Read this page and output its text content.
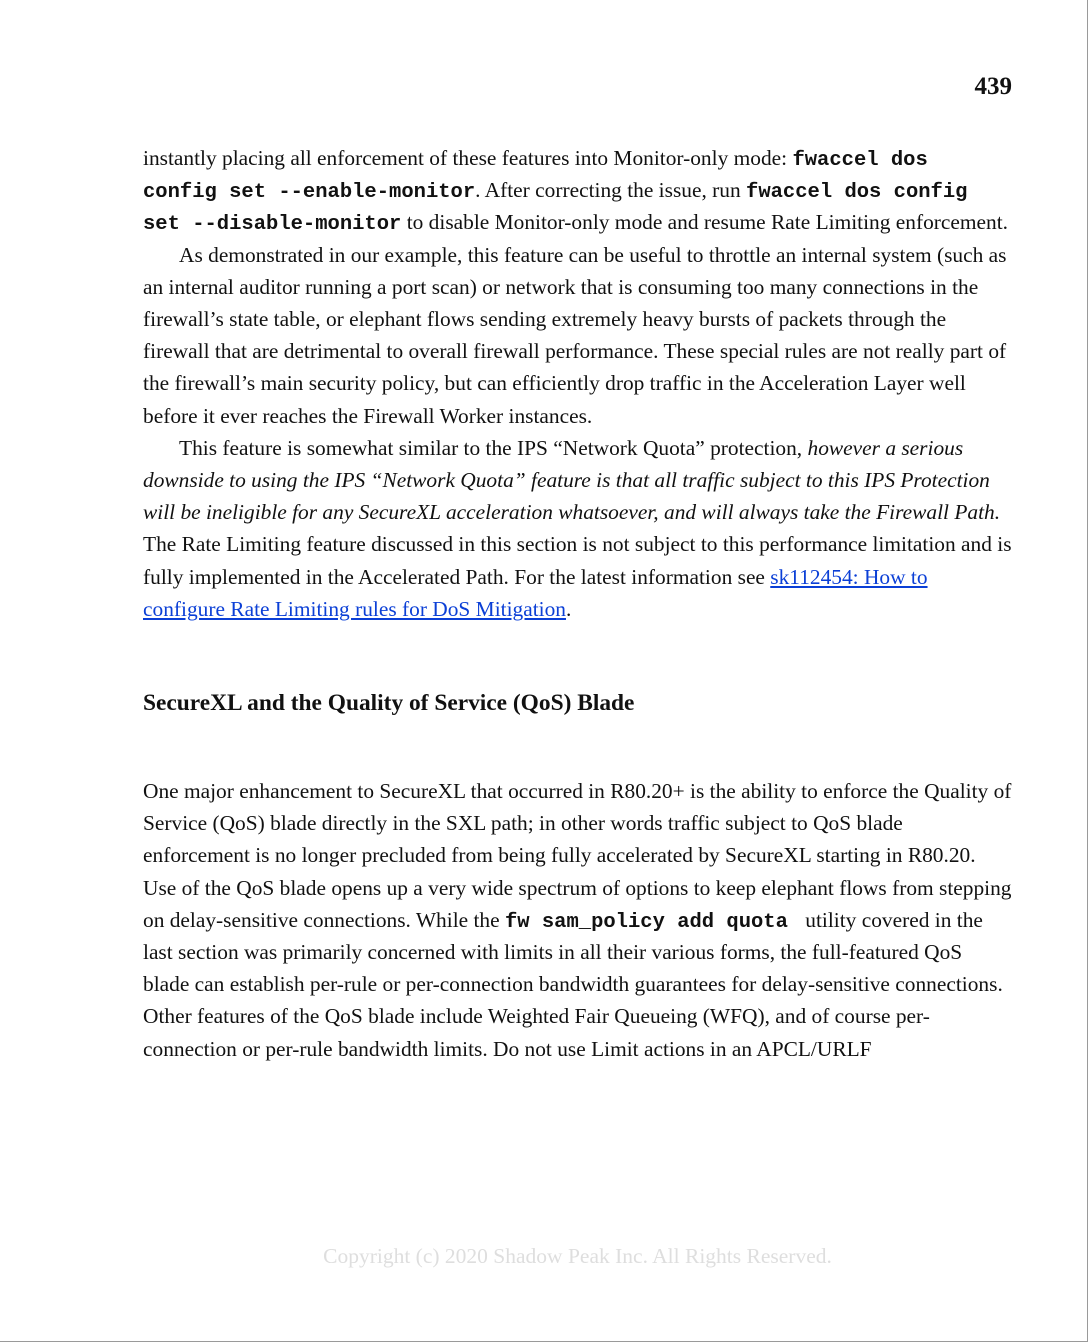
439

instantly placing all enforcement of these features into Monitor-only mode: fwaccel dos config set --enable-monitor. After correcting the issue, run fwaccel dos config set --disable-monitor to disable Monitor-only mode and resume Rate Limiting enforcement.

As demonstrated in our example, this feature can be useful to throttle an internal system (such as an internal auditor running a port scan) or network that is consuming too many connections in the firewall’s state table, or elephant flows sending extremely heavy bursts of packets through the firewall that are detrimental to overall firewall performance. These special rules are not really part of the firewall’s main security policy, but can efficiently drop traffic in the Acceleration Layer well before it ever reaches the Firewall Worker instances.

This feature is somewhat similar to the IPS “Network Quota” protection, however a serious downside to using the IPS “Network Quota” feature is that all traffic subject to this IPS Protection will be ineligible for any SecureXL acceleration whatsoever, and will always take the Firewall Path. The Rate Limiting feature discussed in this section is not subject to this performance limitation and is fully implemented in the Accelerated Path. For the latest information see sk112454: How to configure Rate Limiting rules for DoS Mitigation.

SecureXL and the Quality of Service (QoS) Blade

One major enhancement to SecureXL that occurred in R80.20+ is the ability to enforce the Quality of Service (QoS) blade directly in the SXL path; in other words traffic subject to QoS blade enforcement is no longer precluded from being fully accelerated by SecureXL starting in R80.20. Use of the QoS blade opens up a very wide spectrum of options to keep elephant flows from stepping on delay-sensitive connections. While the fw sam_policy add quota utility covered in the last section was primarily concerned with limits in all their various forms, the full-featured QoS blade can establish per-rule or per-connection bandwidth guarantees for delay-sensitive connections. Other features of the QoS blade include Weighted Fair Queueing (WFQ), and of course per-connection or per-rule bandwidth limits. Do not use Limit actions in an APCL/URLF

Copyright (c) 2020 Shadow Peak Inc. All Rights Reserved.
